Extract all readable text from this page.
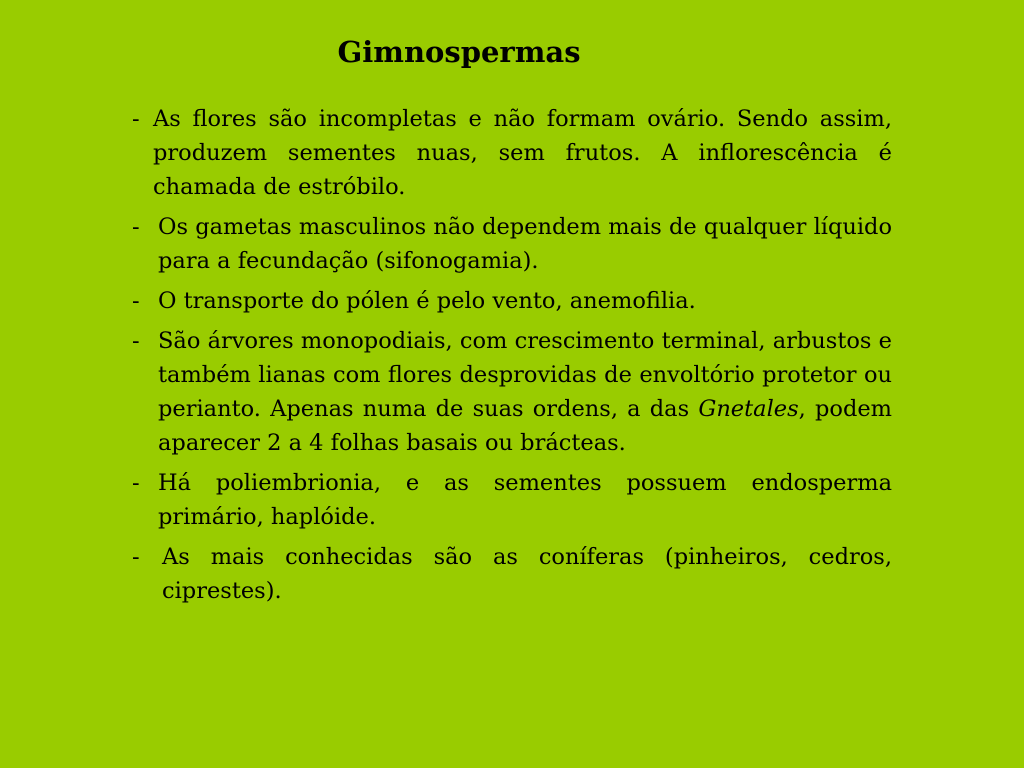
Gimnospermas
- As flores são incompletas e não formam ovário. Sendo assim, produzem sementes nuas, sem frutos. A inflorescência é chamada de estróbilo.
- Os gametas masculinos não dependem mais de qualquer líquido para a fecundação (sifonogamia).
- O transporte do pólen é pelo vento, anemofilia.
- São árvores monopodiais, com crescimento terminal, arbustos e também lianas com flores desprovidas de envoltório protetor ou perianto. Apenas numa de suas ordens, a das Gnetales, podem aparecer 2 a 4 folhas basais ou brácteas.
- Há poliembrionia, e as sementes possuem endosperma primário, haplóide.
- As mais conhecidas são as coníferas (pinheiros, cedros, ciprestes).
